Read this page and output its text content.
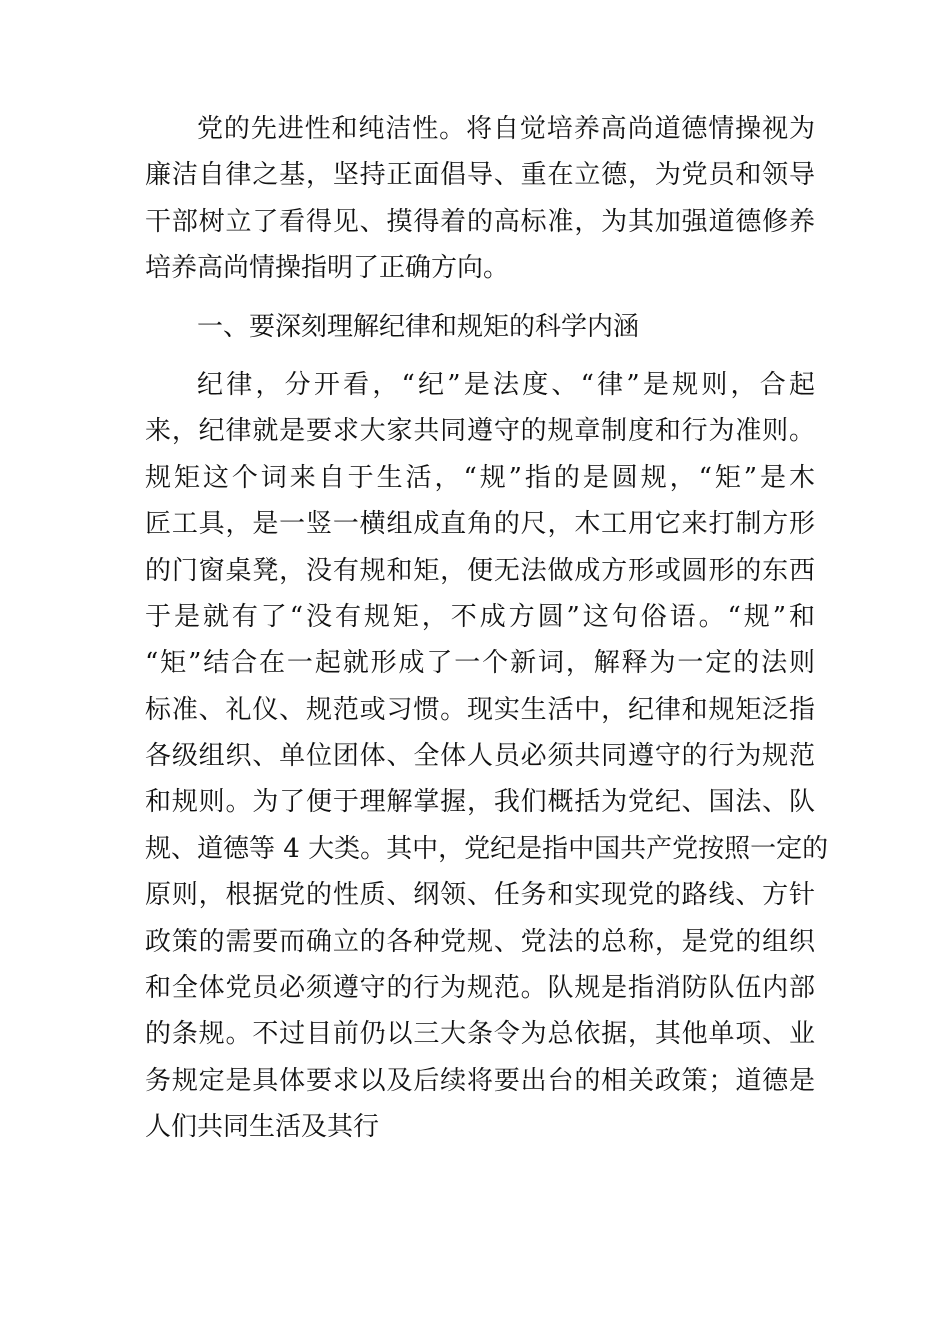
党的先进性和纯洁性。将自觉培养高尚道德情操视为
廉洁自律之基，坚持正面倡导、重在立德，为党员和领导
干部树立了看得见、摸得着的高标准，为其加强道德修养
培养高尚情操指明了正确方向。
一、要深刻理解纪律和规矩的科学内涵
纪律，分开看，“纪”是法度、“律”是规则，合起
来，纪律就是要求大家共同遵守的规章制度和行为准则。
规矩这个词来自于生活，“规”指的是圆规，“矩”是木
匠工具，是一竖一横组成直角的尺，木工用它来打制方形
的门窗桌凳，没有规和矩，便无法做成方形或圆形的东西
于是就有了“没有规矩，不成方圆”这句俗语。“规”和
“矩”结合在一起就形成了一个新词，解释为一定的法则
标准、礼仪、规范或习惯。现实生活中，纪律和规矩泛指
各级组织、单位团体、全体人员必须共同遵守的行为规范
和规则。为了便于理解掌握，我们概括为党纪、国法、队
规、道德等 4 大类。其中，党纪是指中国共产党按照一定的
原则，根据党的性质、纲领、任务和实现党的路线、方针
政策的需要而确立的各种党规、党法的总称，是党的组织
和全体党员必须遵守的行为规范。队规是指消防队伍内部
的条规。不过目前仍以三大条令为总依据，其他单项、业
务规定是具体要求以及后续将要出台的相关政策；道德是
人们共同生活及其行
